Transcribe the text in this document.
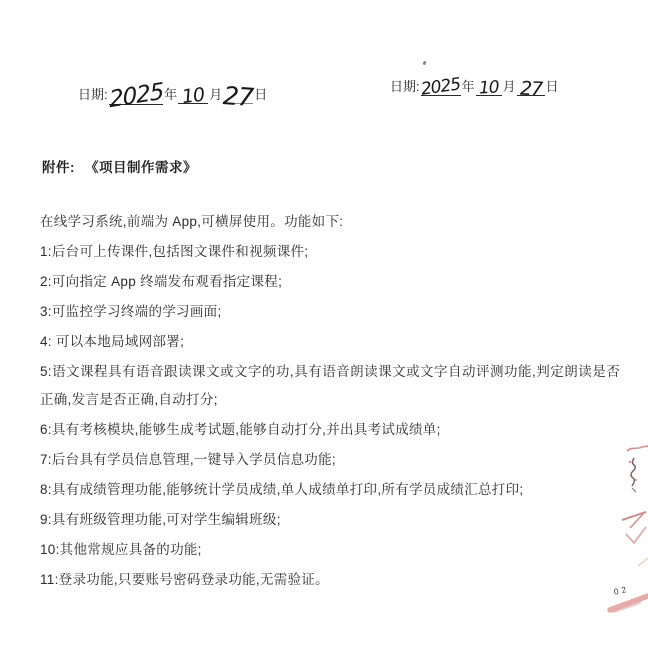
日期: 2025 年 10 月 27 日
日期: 2025 年 10 月 27 日
附件: 《项目制作需求》

在线学习系统,前端为 App,可横屏使用。功能如下:

1:后台可上传课件,包括图文课件和视频课件;

2:可向指定 App 终端发布观看指定课程;

3:可监控学习终端的学习画面;

4: 可以本地局域网部署;

5:语文课程具有语音跟读课文或文字的功,具有语音朗读课文或文字自动评测功能,判定朗读是否正确,发言是否正确,自动打分;

6:具有考核模块,能够生成考试题,能够自动打分,并出具考试成绩单;

7:后台具有学员信息管理,一键导入学员信息功能;

8:具有成绩管理功能,能够统计学员成绩,单人成绩单打印,所有学员成绩汇总打印;

9:具有班级管理功能,可对学生编辑班级;

10:其他常规应具备的功能;

11:登录功能,只要账号密码登录功能,无需验证。

02
